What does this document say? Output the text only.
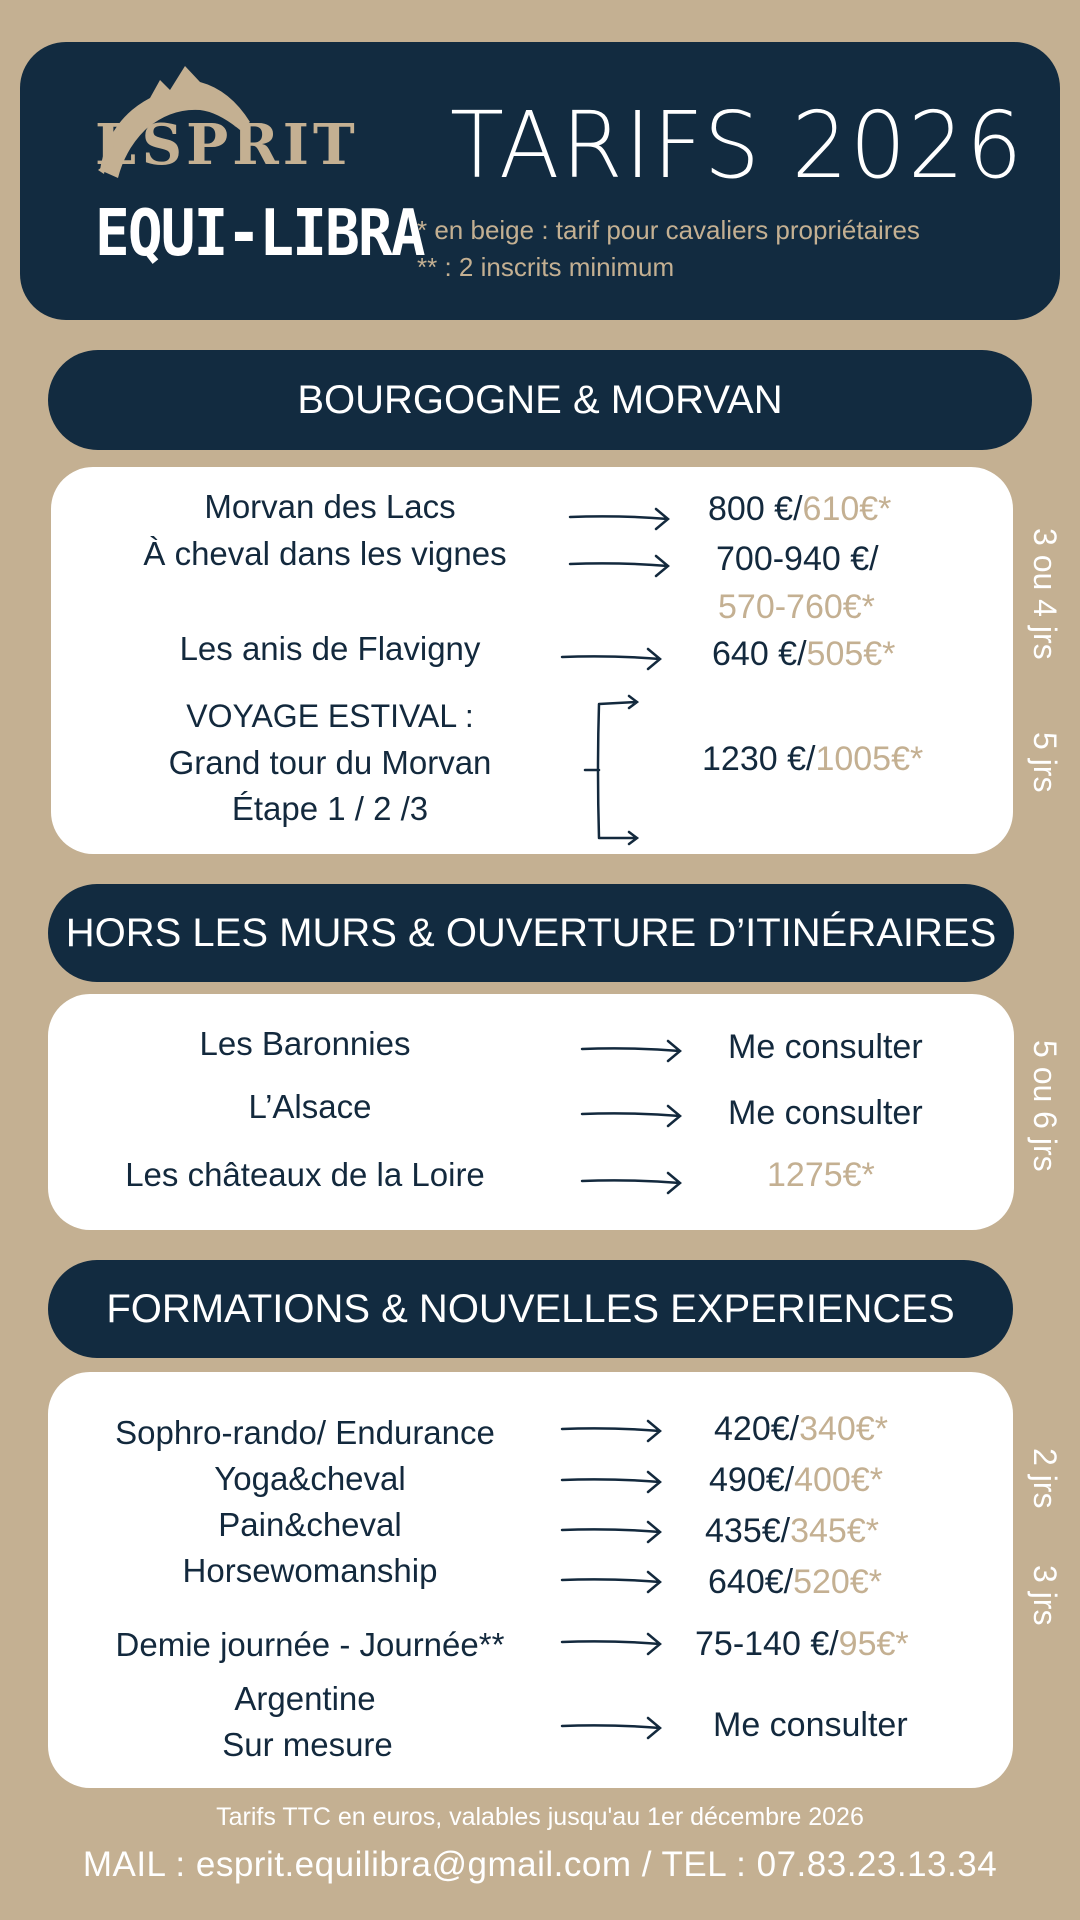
ESPRIT
EQUI-LIBRA
TARIFS 2026
* en beige : tarif pour cavaliers propriétaires
** : 2 inscrits minimum
BOURGOGNE & MORVAN
Morvan des Lacs
À cheval dans les vignes
Les anis de Flavigny
VOYAGE ESTIVAL :
Grand tour du Morvan
Étape 1 / 2 /3
800 €/610€*
700-940 €/
570-760€*
640 €/505€*
1230 €/1005€*
3 ou 4 jrs
5 jrs
HORS LES MURS & OUVERTURE D’ITINÉRAIRES
Les Baronnies
L’Alsace
Les châteaux de la Loire
Me consulter
Me consulter
1275€*
5 ou 6 jrs
FORMATIONS & NOUVELLES EXPERIENCES
Sophro-rando/ Endurance
Yoga&cheval
Pain&cheval
Horsewomanship
Demie journée - Journée**
Argentine
Sur mesure
420€/340€*
490€/400€*
435€/345€*
640€/520€*
75-140 €/95€*
Me consulter
2 jrs
3 jrs
Tarifs TTC en euros, valables jusqu'au 1er décembre 2026
MAIL : esprit.equilibra@gmail.com / TEL : 07.83.23.13.34
